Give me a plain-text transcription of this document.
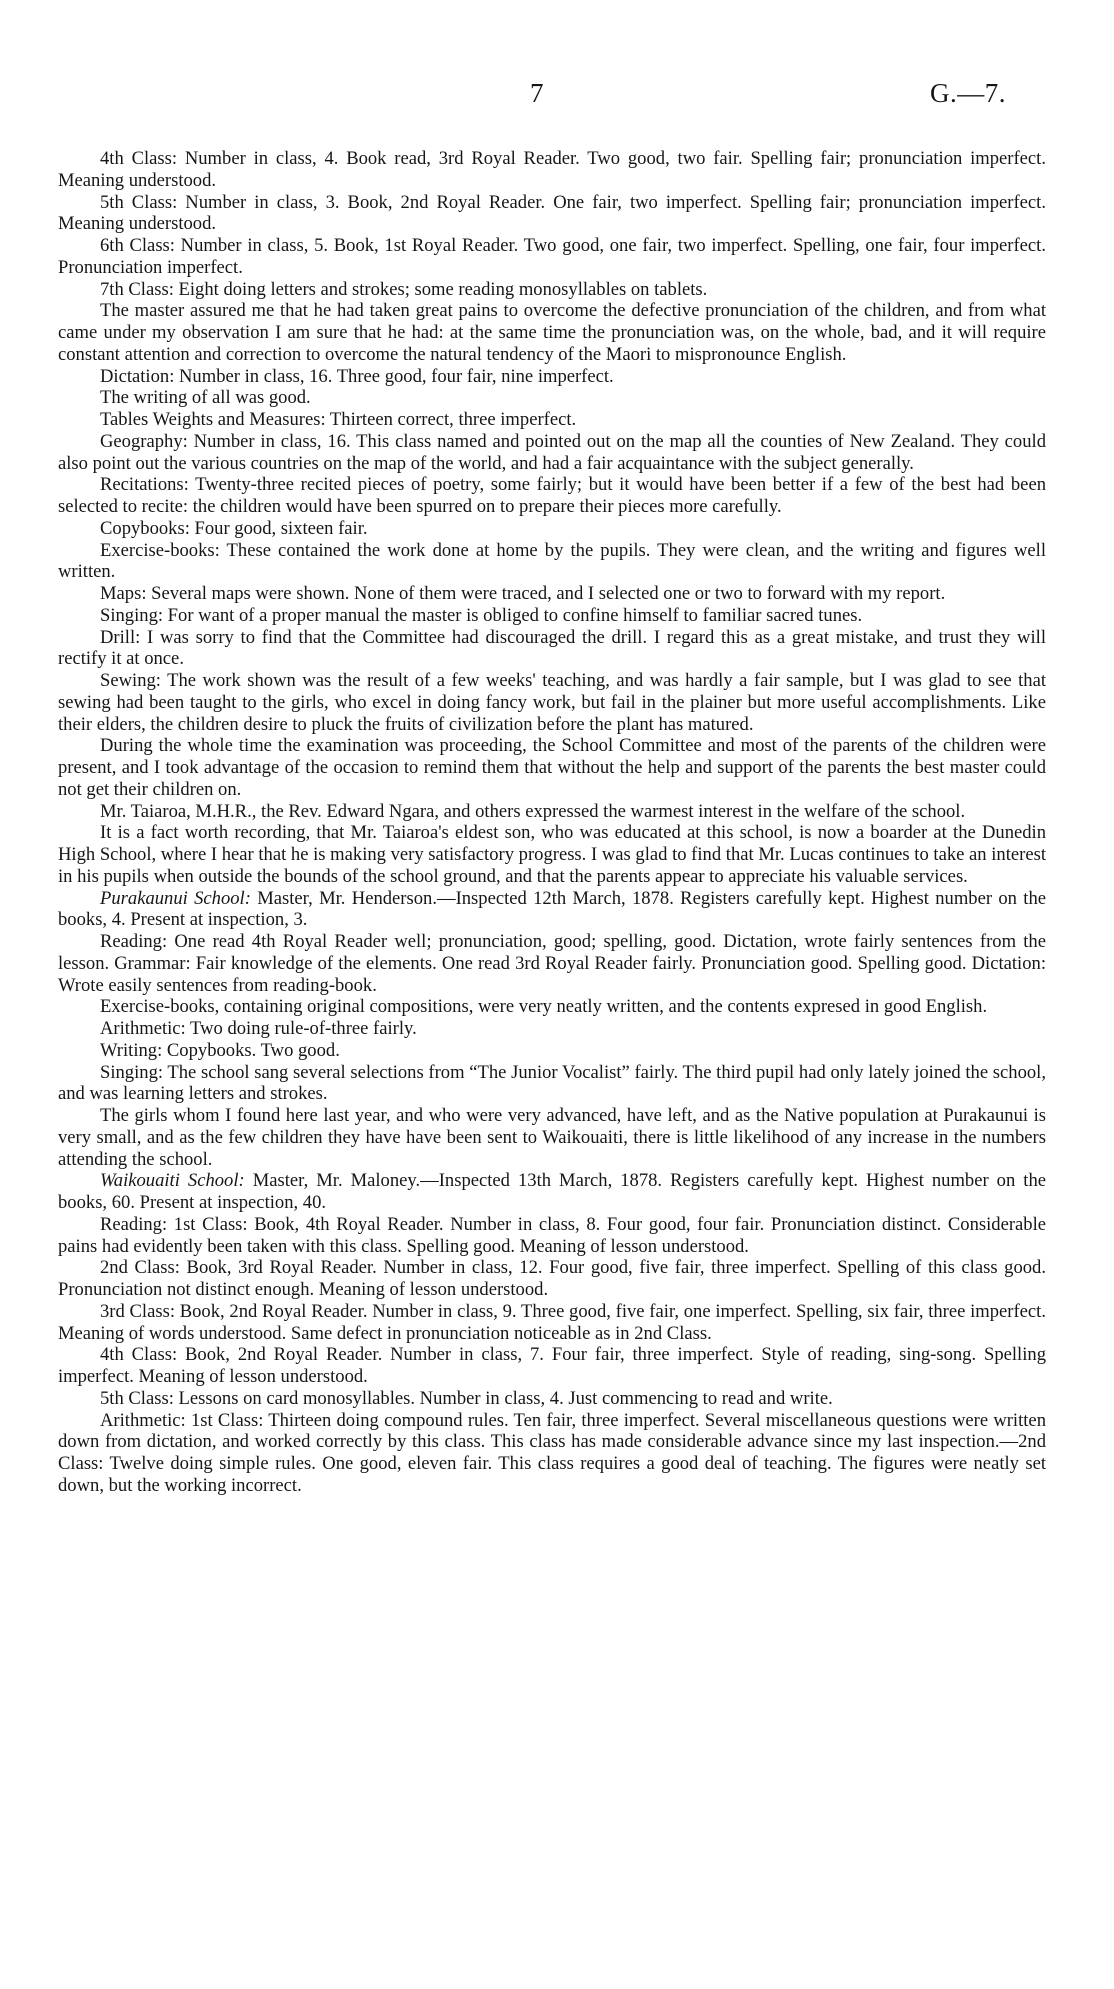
7	G.—7.

4th Class: Number in class, 4. Book read, 3rd Royal Reader. Two good, two fair. Spelling fair; pronunciation imperfect. Meaning understood.

5th Class: Number in class, 3. Book, 2nd Royal Reader. One fair, two imperfect. Spelling fair; pronunciation imperfect. Meaning understood.

6th Class: Number in class, 5. Book, 1st Royal Reader. Two good, one fair, two imperfect. Spelling, one fair, four imperfect. Pronunciation imperfect.

7th Class: Eight doing letters and strokes; some reading monosyllables on tablets.

The master assured me that he had taken great pains to overcome the defective pronunciation of the children, and from what came under my observation I am sure that he had: at the same time the pronunciation was, on the whole, bad, and it will require constant attention and correction to overcome the natural tendency of the Maori to mispronounce English.

Dictation: Number in class, 16. Three good, four fair, nine imperfect.

The writing of all was good.

Tables Weights and Measures: Thirteen correct, three imperfect.

Geography: Number in class, 16. This class named and pointed out on the map all the counties of New Zealand. They could also point out the various countries on the map of the world, and had a fair acquaintance with the subject generally.

Recitations: Twenty-three recited pieces of poetry, some fairly; but it would have been better if a few of the best had been selected to recite: the children would have been spurred on to prepare their pieces more carefully.

Copybooks: Four good, sixteen fair.

Exercise-books: These contained the work done at home by the pupils. They were clean, and the writing and figures well written.

Maps: Several maps were shown. None of them were traced, and I selected one or two to forward with my report.

Singing: For want of a proper manual the master is obliged to confine himself to familiar sacred tunes.

Drill: I was sorry to find that the Committee had discouraged the drill. I regard this as a great mistake, and trust they will rectify it at once.

Sewing: The work shown was the result of a few weeks' teaching, and was hardly a fair sample, but I was glad to see that sewing had been taught to the girls, who excel in doing fancy work, but fail in the plainer but more useful accomplishments. Like their elders, the children desire to pluck the fruits of civilization before the plant has matured.

During the whole time the examination was proceeding, the School Committee and most of the parents of the children were present, and I took advantage of the occasion to remind them that without the help and support of the parents the best master could not get their children on.

Mr. Taiaroa, M.H.R., the Rev. Edward Ngara, and others expressed the warmest interest in the welfare of the school.

It is a fact worth recording, that Mr. Taiaroa's eldest son, who was educated at this school, is now a boarder at the Dunedin High School, where I hear that he is making very satisfactory progress. I was glad to find that Mr. Lucas continues to take an interest in his pupils when outside the bounds of the school ground, and that the parents appear to appreciate his valuable services.

Purakaunui School: Master, Mr. Henderson.—Inspected 12th March, 1878. Registers carefully kept. Highest number on the books, 4. Present at inspection, 3.

Reading: One read 4th Royal Reader well; pronunciation, good; spelling, good. Dictation, wrote fairly sentences from the lesson. Grammar: Fair knowledge of the elements. One read 3rd Royal Reader fairly. Pronunciation good. Spelling good. Dictation: Wrote easily sentences from reading-book.

Exercise-books, containing original compositions, were very neatly written, and the contents expresed in good English.

Arithmetic: Two doing rule-of-three fairly.

Writing: Copybooks. Two good.

Singing: The school sang several selections from “The Junior Vocalist” fairly. The third pupil had only lately joined the school, and was learning letters and strokes.

The girls whom I found here last year, and who were very advanced, have left, and as the Native population at Purakaunui is very small, and as the few children they have have been sent to Waikouaiti, there is little likelihood of any increase in the numbers attending the school.

Waikouaiti School: Master, Mr. Maloney.—Inspected 13th March, 1878. Registers carefully kept. Highest number on the books, 60. Present at inspection, 40.

Reading: 1st Class: Book, 4th Royal Reader. Number in class, 8. Four good, four fair. Pronunciation distinct. Considerable pains had evidently been taken with this class. Spelling good. Meaning of lesson understood.

2nd Class: Book, 3rd Royal Reader. Number in class, 12. Four good, five fair, three imperfect. Spelling of this class good. Pronunciation not distinct enough. Meaning of lesson understood.

3rd Class: Book, 2nd Royal Reader. Number in class, 9. Three good, five fair, one imperfect. Spelling, six fair, three imperfect. Meaning of words understood. Same defect in pronunciation noticeable as in 2nd Class.

4th Class: Book, 2nd Royal Reader. Number in class, 7. Four fair, three imperfect. Style of reading, sing-song. Spelling imperfect. Meaning of lesson understood.

5th Class: Lessons on card monosyllables. Number in class, 4. Just commencing to read and write.

Arithmetic: 1st Class: Thirteen doing compound rules. Ten fair, three imperfect. Several miscellaneous questions were written down from dictation, and worked correctly by this class. This class has made considerable advance since my last inspection.—2nd Class: Twelve doing simple rules. One good, eleven fair. This class requires a good deal of teaching. The figures were neatly set down, but the working incorrect.
